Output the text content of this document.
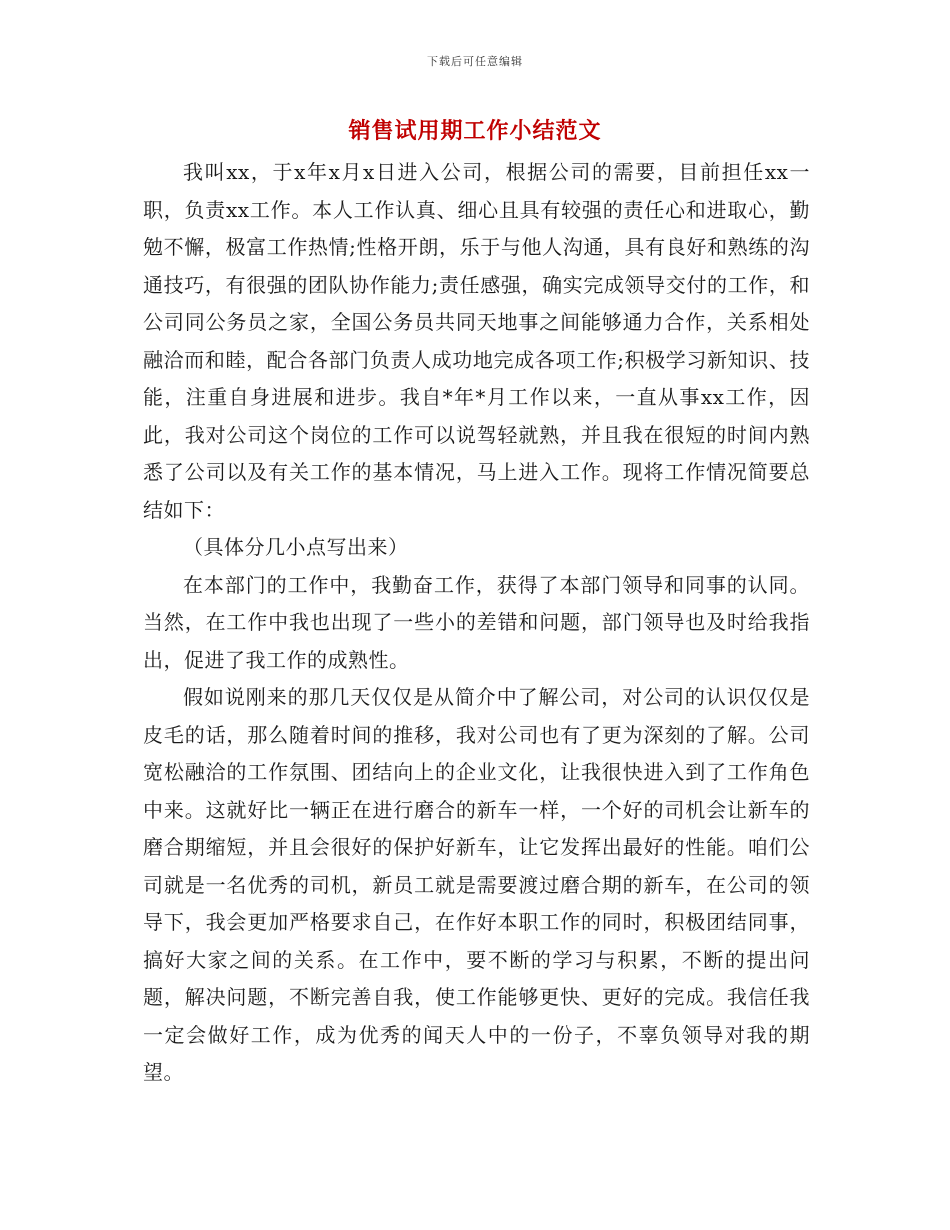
下载后可任意编辑
销售试用期工作小结范文

我叫xx，于x年x月x日进入公司，根据公司的需要，目前担任xx一职，负责xx工作。本人工作认真、细心且具有较强的责任心和进取心，勤勉不懈，极富工作热情;性格开朗，乐于与他人沟通，具有良好和熟练的沟通技巧，有很强的团队协作能力;责任感强，确实完成领导交付的工作，和公司同公务员之家，全国公务员共同天地事之间能够通力合作，关系相处融洽而和睦，配合各部门负责人成功地完成各项工作;积极学习新知识、技能，注重自身进展和进步。我自*年*月工作以来，一直从事xx工作，因此，我对公司这个岗位的工作可以说驾轻就熟，并且我在很短的时间内熟悉了公司以及有关工作的基本情况，马上进入工作。现将工作情况简要总结如下：

（具体分几小点写出来）

在本部门的工作中，我勤奋工作，获得了本部门领导和同事的认同。当然，在工作中我也出现了一些小的差错和问题，部门领导也及时给我指出，促进了我工作的成熟性。

假如说刚来的那几天仅仅是从简介中了解公司，对公司的认识仅仅是皮毛的话，那么随着时间的推移，我对公司也有了更为深刻的了解。公司宽松融洽的工作氛围、团结向上的企业文化，让我很快进入到了工作角色中来。这就好比一辆正在进行磨合的新车一样，一个好的司机会让新车的磨合期缩短，并且会很好的保护好新车，让它发挥出最好的性能。咱们公司就是一名优秀的司机，新员工就是需要渡过磨合期的新车，在公司的领导下，我会更加严格要求自己，在作好本职工作的同时，积极团结同事，搞好大家之间的关系。在工作中，要不断的学习与积累，不断的提出问题，解决问题，不断完善自我，使工作能够更快、更好的完成。我信任我一定会做好工作，成为优秀的闻天人中的一份子，不辜负领导对我的期望。
